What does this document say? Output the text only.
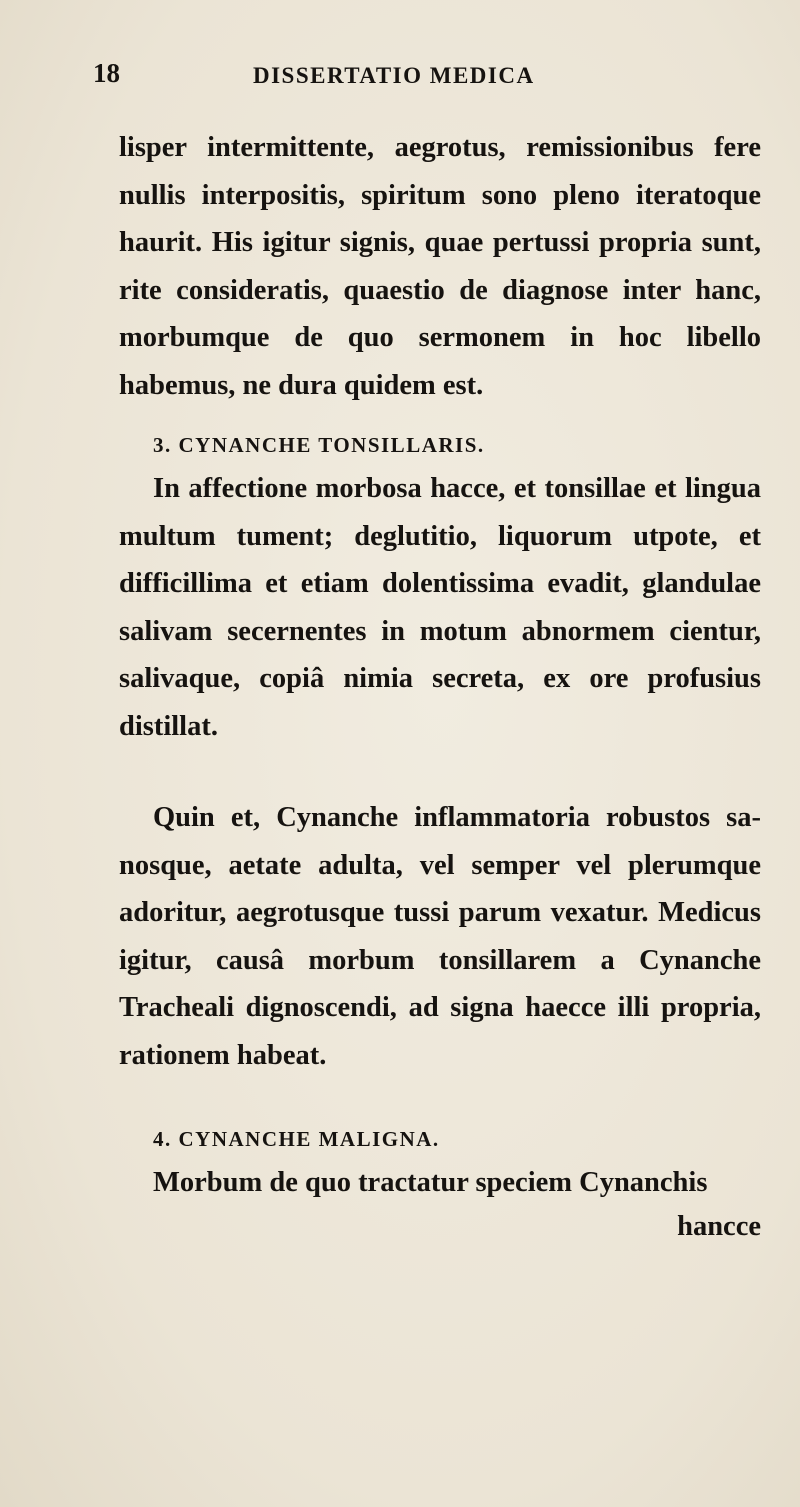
18	DISSERTATIO MEDICA

lisper intermittente, aegrotus, remissionibus fere nullis interpositis, spiritum sono pleno iteratoque haurit. His igitur signis, quae pertussi propria sunt, rite consideratis, quaestio de diagnose inter hanc, morbumque de quo sermonem in hoc libello habemus, ne dura quidem est.

3. CYNANCHE TONSILLARIS.

In affectione morbosa hacce, et tonsillae et lingua multum tument; deglutitio, liquorum utpote, et difficillima et etiam dolentissima evadit, glandulae salivam secernentes in motum abnormem cientur, salivaque, copiâ nimia secreta, ex ore profusius distillat.

Quin et, Cynanche inflammatoria robustos sanosque, aetate adulta, vel semper vel plerumque adoritur, aegrotusque tussi parum vexatur. Medicus igitur, causâ morbum tonsillarem a Cynanche Tracheali dignoscendi, ad signa haecce illi propria, rationem habeat.

4. CYNANCHE MALIGNA.

Morbum de quo tractatur speciem Cynanchis

hancce
